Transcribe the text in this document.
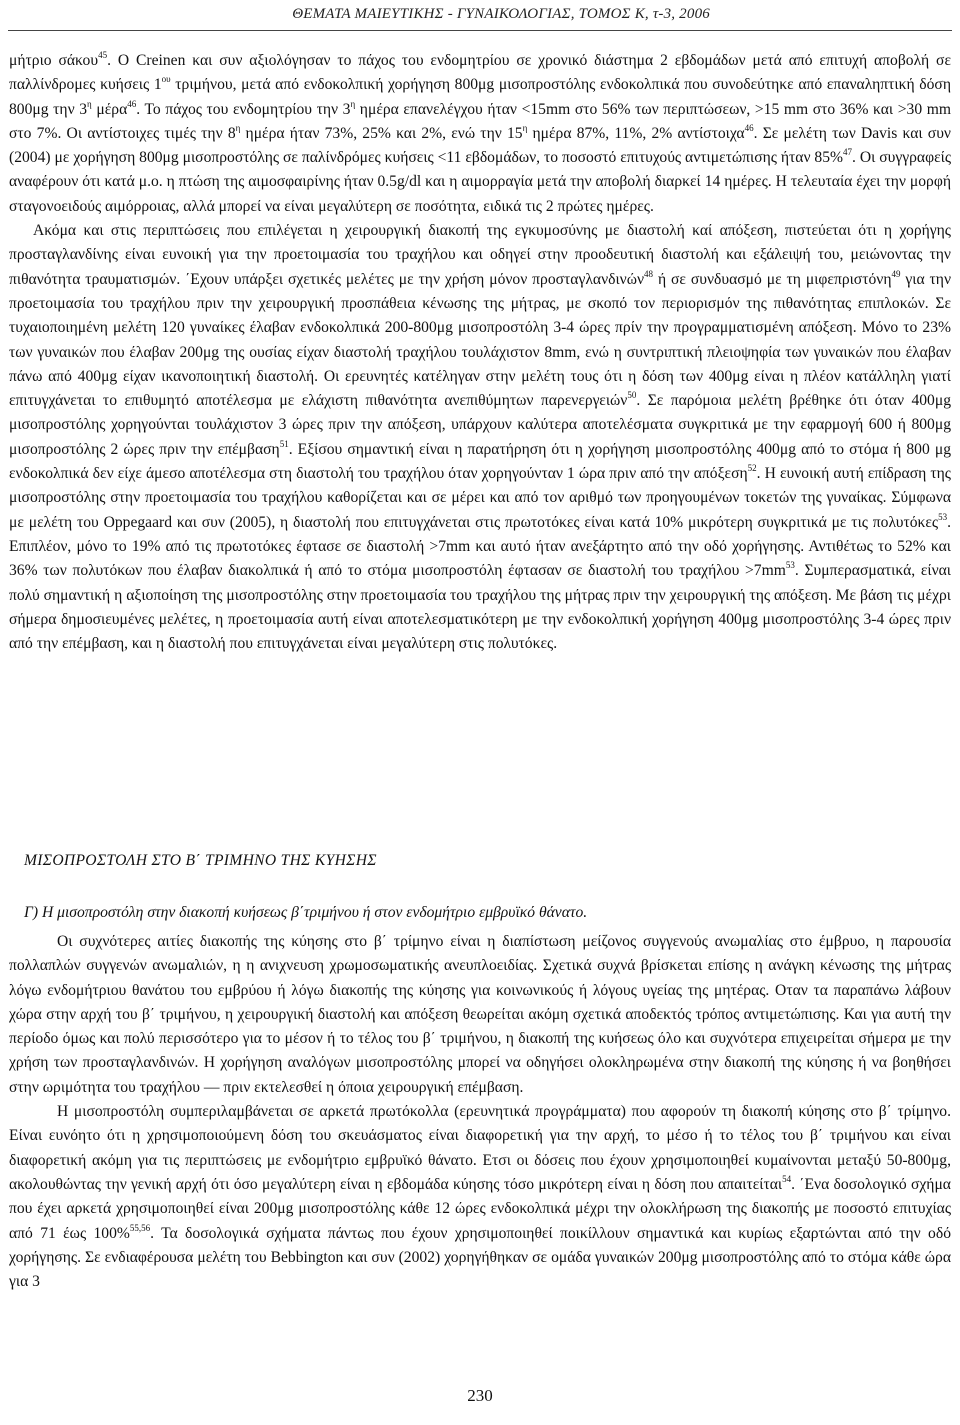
ΘΕΜΑΤΑ ΜΑΙΕΥΤΙΚΗΣ - ΓΥΝΑΙΚΟΛΟΓΙΑΣ, ΤΟΜΟΣ Κ, τ-3, 2006

μήτριο σάκου$^{45}$. Ο Creinen και συν αξιολόγησαν το πάχος του ενδομητρίου σε χρονικό διάστημα 2 εβδομάδων μετά από επιτυχή αποβολή σε παλλίνδρομες κυήσεις $1^{o\upsilon}$ τριμήνου, μετά από ενδοκολπική χορήγηση 800μg μισοπροστόλης ενδοκολπικά που συνοδεύτηκε από επαναληπτική δόση 800μg την $3^\eta$ μέρα$^{46}$. Το πάχος του ενδομητρίου την $3^\eta$ ημέρα επανελέγχου ήταν <15mm στο 56% των περιπτώσεων, >15 mm στο 36% και >30 mm στο 7%. Οι αντίστοιχες τιμές την $8^\eta$ ημέρα ήταν 73%, 25% και 2%, ενώ την $15^\eta$ ημέρα 87%, 11%, 2% αντίστοιχα$^{46}$. Σε μελέτη των Davis και συν (2004) με χορήγηση 800μg μισοπροστόλης σε παλίνδρόμες κυήσεις <11 εβδομάδων, το ποσοστό επιτυχούς αντιμετώπισης ήταν 85%$^{47}$. Οι συγγραφείς αναφέρουν ότι κατά μ.ο. η πτώση της αιμοσφαιρίνης ήταν 0.5g/dl και η αιμορραγία μετά την αποβολή διαρκεί 14 ημέρες. Η τελευταία έχει την μορφή σταγονοειδούς αιμόρροιας, αλλά μπορεί να είναι μεγαλύτερη σε ποσότητα, ειδικά τις 2 πρώτες ημέρες.

Ακόμα και στις περιπτώσεις που επιλέγεται η χειρουργική διακοπή της εγκυμοσύνης με διαστολή καί απόξεση, πιστεύεται ότι η χορήγης προσταγλανδίνης είναι ευνοική για την προετοιμασία του τραχήλου και οδηγεί στην προοδευτική διαστολή και εξάλειψή του, μειώνοντας την πιθανότητα τραυματισμών. ΄Εχουν υπάρξει σχετικές μελέτες με την χρήση μόνον προσταγλανδινών$^{48}$ ή σε συνδυασμό με τη μιφεπριστόνη$^{49}$ για την προετοιμασία του τραχήλου πριν την χειρουργική προσπάθεια κένωσης της μήτρας, με σκοπό τον περιορισμόν της πιθανότητας επιπλοκών. Σε τυχαιοποιημένη μελέτη 120 γυναίκες έλαβαν ενδοκολπικά 200-800μg μισοπροστόλη 3-4 ώρες πρίν την προγραμματισμένη απόξεση. Μόνο το 23% των γυναικών που έλαβαν 200μg της ουσίας είχαν διαστολή τραχήλου τουλάχιστον 8mm, ενώ η συντριπτική πλειοψηφία των γυναικών που έλαβαν πάνω από 400μg είχαν ικανοποιητική διαστολή. Οι ερευνητές κατέληγαν στην μελέτη τους ότι η δόση των 400μg είναι η πλέον κατάλληλη γιατί επιτυγχάνεται το επιθυμητό αποτέλεσμα με ελάχιστη πιθανότητα ανεπιθύμητων παρενεργειών$^{50}$. Σε παρόμοια μελέτη βρέθηκε ότι όταν 400μg μισοπροστόλης χορηγούνται τουλάχιστον 3 ώρες πριν την απόξεση, υπάρχουν καλύτερα αποτελέσματα συγκριτικά με την εφαρμογή 600 ή 800μg μισοπροστόλης 2 ώρες πριν την επέμβαση$^{51}$. Εξίσου σημαντική είναι η παρατήρηση ότι η χορήγηση μισοπροστόλης 400μg από το στόμα ή 800 μg ενδοκολπικά δεν είχε άμεσο αποτέλεσμα στη διαστολή του τραχήλου όταν χορηγούνταν 1 ώρα πριν από την απόξεση$^{52}$. Η ευνοική αυτή επίδραση της μισοπροστόλης στην προετοιμασία του τραχήλου καθορίζεται και σε μέρει και από τον αριθμό των προηγουμένων τοκετών της γυναίκας. Σύμφωνα με μελέτη του Oppegaard και συν (2005), η διαστολή που επιτυγχάνεται στις πρωτοτόκες είναι κατά 10% μικρότερη συγκριτικά με τις πολυτόκες$^{53}$. Επιπλέον, μόνο το 19% από τις πρωτοτόκες έφτασε σε διαστολή >7mm και αυτό ήταν ανεξάρτητο από την οδό χορήγησης. Αντιθέτως το 52% και 36% των πολυτόκων που έλαβαν διακολπικά ή από το στόμα μισοπροστόλη έφτασαν σε διαστολή του $\tau\rho\alpha\chi ή\lambda o\upsilon >7mm^{53}$. Συμπερασματικά, είναι πολύ σημαντική η αξιοποίηση της μισοπροστόλης στην προετοιμασία του τραχήλου της μήτρας πριν την χειρουργική της απόξεση. Με βάση τις μέχρι σήμερα δημοσιευμένες μελέτες, η προετοιμασία αυτή είναι αποτελεσματικότερη με την ενδοκολπική χορήγηση 400μg μισοπροστόλης 3-4 ώρες πριν από την επέμβαση, και η διαστολή που επιτυγχάνεται είναι μεγαλύτερη στις πολυτόκες.

ΜΙΣΟΠΡΟΣΤΟΛΗ ΣΤΟ Β΄ ΤΡΙΜΗΝΟ ΤΗΣ ΚΥΗΣΗΣ
Γ) Η μισοπροστόλη στην διακοπή κυήσεως β΄τριμήνου ή στον ενδομήτριο εμβρυϊκό θάνατο.

Οι συχνότερες αιτίες διακοπής της κύησης στο β΄ τρίμηνο είναι η διαπίστωση μείζονος συγγενούς ανωμαλίας στο έμβρυο, η παρουσία πολλαπλών συγγενών ανωμαλιών, η η ανιχνευση χρωμοσωματικής ανευπλοειδίας. Σχετικά συχνά βρίσκεται επίσης η ανάγκη κένωσης της μήτρας λόγω ενδομήτριου θανάτου του εμβρύου ή λόγω διακοπής της κύησης για κοινωνικούς ή λόγους υγείας της μητέρας. Οταν τα παραπάνω λάβουν χώρα στην αρχή του β΄ τριμήνου, η χειρουργική διαστολή και απόξεση θεωρείται ακόμη σχετικά αποδεκτός τρόπος αντιμετώπισης. Και για αυτή την περίοδο όμως και πολύ περισσότερο για το μέσον ή το τέλος του β΄ τριμήνου, η διακοπή της κυήσεως όλο και συχνότερα επιχειρείται σήμερα με την χρήση των προσταγλανδινών. Η χορήγηση αναλόγων μισοπροστόλης μπορεί να οδηγήσει ολοκληρωμένα στην διακοπή της κύησης ή να βοηθήσει στην ωριμότητα του τραχήλου — πριν εκτελεσθεί η όποια χειρουργική επέμβαση.

Η μισοπροστόλη συμπεριλαμβάνεται σε αρκετά πρωτόκολλα (ερευνητικά προγράμματα) που αφορούν τη διακοπή κύησης στο β΄ τρίμηνο. Είναι ευνόητο ότι η χρησιμοποιούμενη δόση του σκευάσματος είναι διαφορετική για την αρχή, το μέσο ή το τέλος του β΄ τριμήνου και είναι διαφορετική ακόμη για τις περιπτώσεις με ενδομήτριο εμβρυϊκό θάνατο. Ετσι οι δόσεις που έχουν χρησιμοποιηθεί κυμαίνονται μεταξύ 50-800μg, ακολουθώντας την γενική αρχή ότι όσο μεγαλύτερη είναι η εβδομάδα κύησης τόσο μικρότερη είναι η δόση που απαιτείται$^{54}$. ΄Ενα δοσολογικό σχήμα που έχει αρκετά χρησιμοποιηθεί είναι 200μg μισοπροστόλης κάθε 12 ώρες ενδοκολπικά μέχρι την ολοκλήρωση της διακοπής με ποσοστό επιτυχίας από 71 έως 100%$^{55,56}$. Τα δοσολογικά σχήματα πάντως που έχουν χρησιμοποιηθεί ποικίλλουν σημαντικά και κυρίως εξαρτώνται από την οδό χορήγησης. Σε ενδιαφέρουσα μελέτη του Bebbington και συν (2002) χορηγήθηκαν σε ομάδα γυναικών 200μg μισοπροστόλης από το στόμα κάθε ώρα για 3

230
